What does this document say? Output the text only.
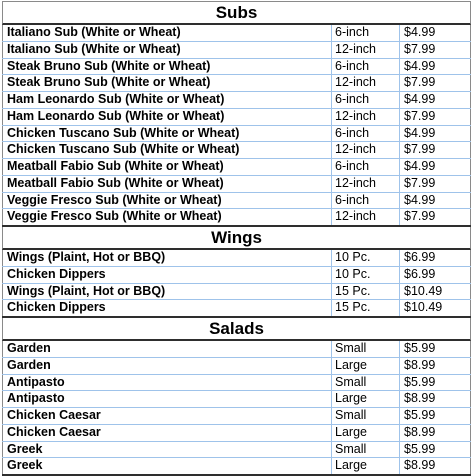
Subs
Italiano Sub (White or Wheat)	6-inch	$4.99
Italiano Sub (White or Wheat)	12-inch	$7.99
Steak Bruno Sub (White or Wheat)	6-inch	$4.99
Steak Bruno Sub (White or Wheat)	12-inch	$7.99
Ham Leonardo Sub (White or Wheat)	6-inch	$4.99
Ham Leonardo Sub (White or Wheat)	12-inch	$7.99
Chicken Tuscano Sub (White or Wheat)	6-inch	$4.99
Chicken Tuscano Sub (White or Wheat)	12-inch	$7.99
Meatball Fabio Sub (White or Wheat)	6-inch	$4.99
Meatball Fabio Sub (White or Wheat)	12-inch	$7.99
Veggie Fresco Sub (White or Wheat)	6-inch	$4.99
Veggie Fresco Sub (White or Wheat)	12-inch	$7.99
Wings
Wings (Plaint, Hot or BBQ)	10 Pc.	$6.99
Chicken Dippers	10 Pc.	$6.99
Wings (Plaint, Hot or BBQ)	15 Pc.	$10.49
Chicken Dippers	15 Pc.	$10.49
Salads
Garden	Small	$5.99
Garden	Large	$8.99
Antipasto	Small	$5.99
Antipasto	Large	$8.99
Chicken Caesar	Small	$5.99
Chicken Caesar	Large	$8.99
Greek	Small	$5.99
Greek	Large	$8.99
